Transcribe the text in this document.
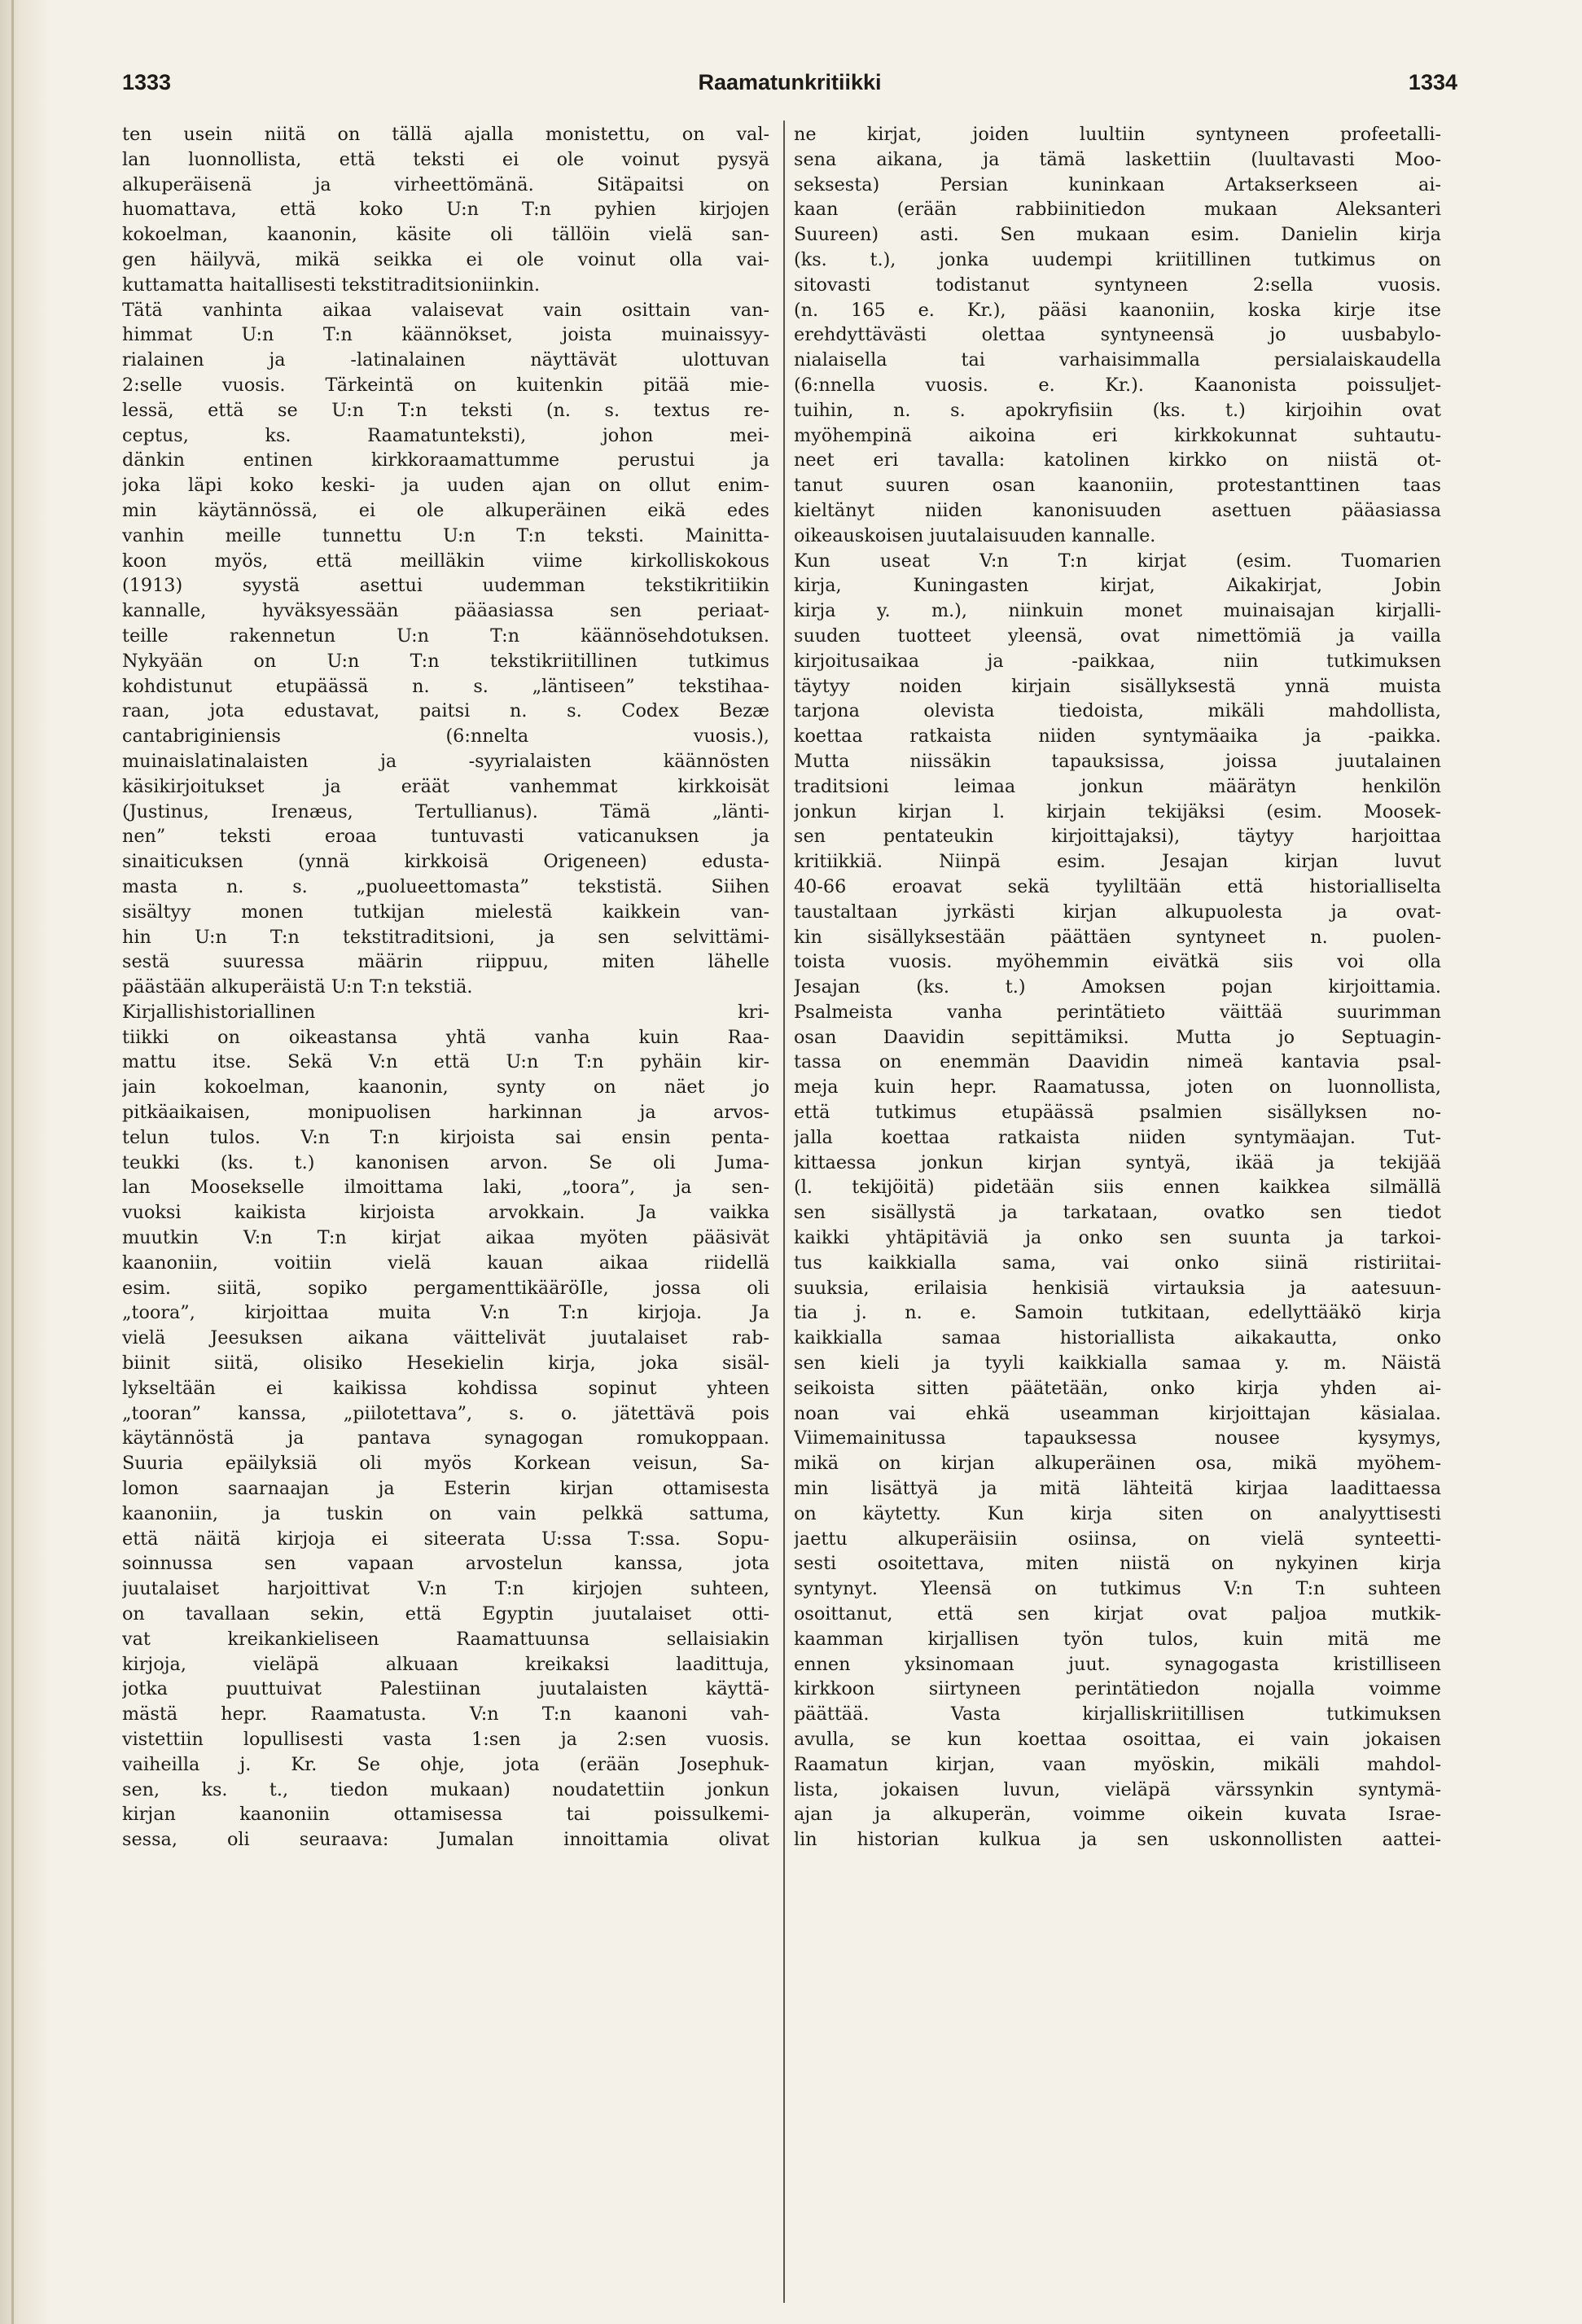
1333	Raamatunkritiikki	1334
ten usein niitä on tällä ajalla monistettu, on val-
lan luonnollista, että teksti ei ole voinut pysyä
alkuperäisenä ja virheettömänä. Sitäpaitsi on
huomattava, että koko U:n T:n pyhien kirjojen
kokoelman, kaanonin, käsite oli tällöin vielä san-
gen häilyvä, mikä seikka ei ole voinut olla vai-
kuttamatta haitallisesti tekstitraditsioniinkin.
Tätä vanhinta aikaa valaisevat vain osittain van-
himmat U:n T:n käännökset, joista muinaissyy-
rialainen ja -latinalainen näyttävät ulottuvan
2:selle vuosis. Tärkeintä on kuitenkin pitää mie-
lessä, että se U:n T:n teksti (n. s. textus re-
ceptus, ks. Raamatunteksti), johon mei-
dänkin entinen kirkkoraamattumme perustui ja
joka läpi koko keski- ja uuden ajan on ollut enim-
min käytännössä, ei ole alkuperäinen eikä edes
vanhin meille tunnettu U:n T:n teksti. Mainitta-
koon myös, että meilläkin viime kirkolliskokous
(1913) syystä asettui uudemman tekstikritiikin
kannalle, hyväksyessään pääasiassa sen periaat-
teille rakennetun U:n T:n käännösehdotuksen.
Nykyään on U:n T:n tekstikriitillinen tutkimus
kohdistunut etupäässä n. s. „läntiseen” tekstihaa-
raan, jota edustavat, paitsi n. s. Codex Bezæ
cantabriginiensis (6:nnelta vuosis.),
muinaislatinalaisten ja -syyrialaisten käännösten
käsikirjoitukset ja eräät vanhemmat kirkkoisät
(Justinus, Irenæus, Tertullianus). Tämä „länti-
nen” teksti eroaa tuntuvasti vaticanuksen ja
sinaiticuksen (ynnä kirkkoisä Origeneen) edusta-
masta n. s. „puolueettomasta” tekstistä. Siihen
sisältyy monen tutkijan mielestä kaikkein van-
hin U:n T:n tekstitraditsioni, ja sen selvittämi-
sestä suuressa määrin riippuu, miten lähelle
päästään alkuperäistä U:n T:n tekstiä.
Kirjallishistoriallinen kri-
tiikki on oikeastansa yhtä vanha kuin Raa-
mattu itse. Sekä V:n että U:n T:n pyhäin kir-
jain kokoelman, kaanonin, synty on näet jo
pitkäaikaisen, monipuolisen harkinnan ja arvos-
telun tulos. V:n T:n kirjoista sai ensin penta-
teukki (ks. t.) kanonisen arvon. Se oli Juma-
lan Moosekselle ilmoittama laki, „toora”, ja sen-
vuoksi kaikista kirjoista arvokkain. Ja vaikka
muutkin V:n T:n kirjat aikaa myöten pääsivät
kaanoniin, voitiin vielä kauan aikaa riidellä
esim. siitä, sopiko pergamenttikääröIle, jossa oli
„toora”, kirjoittaa muita V:n T:n kirjoja. Ja
vielä Jeesuksen aikana väittelivät juutalaiset rab-
biinit siitä, olisiko Hesekielin kirja, joka sisäl-
lykseltään ei kaikissa kohdissa sopinut yhteen
„tooran” kanssa, „piilotettava”, s. o. jätettävä pois
käytännöstä ja pantava synagogan romukoppaan.
Suuria epäilyksiä oli myös Korkean veisun, Sa-
lomon saarnaajan ja Esterin kirjan ottamisesta
kaanoniin, ja tuskin on vain pelkkä sattuma,
että näitä kirjoja ei siteerata U:ssa T:ssa. Sopu-
soinnussa sen vapaan arvostelun kanssa, jota
juutalaiset harjoittivat V:n T:n kirjojen suhteen,
on tavallaan sekin, että Egyptin juutalaiset otti-
vat kreikankieliseen Raamattuunsa sellaisiakin
kirjoja, vieläpä alkuaan kreikaksi laadittuja,
jotka puuttuivat Palestiinan juutalaisten käyttä-
mästä hepr. Raamatusta. V:n T:n kaanoni vah-
vistettiin lopullisesti vasta 1:sen ja 2:sen vuosis.
vaiheilla j. Kr. Se ohje, jota (erään Josephuk-
sen, ks. t., tiedon mukaan) noudatettiin jonkun
kirjan kaanoniin ottamisessa tai poissulkemi-
sessa, oli seuraava: Jumalan innoittamia olivat
ne kirjat, joiden luultiin syntyneen profeetalli-
sena aikana, ja tämä laskettiin (luultavasti Moo-
seksesta) Persian kuninkaan Artakserkseen ai-
kaan (erään rabbiinitiedon mukaan Aleksanteri
Suureen) asti. Sen mukaan esim. Danielin kirja
(ks. t.), jonka uudempi kriitillinen tutkimus on
sitovasti todistanut syntyneen 2:sella vuosis.
(n. 165 e. Kr.), pääsi kaanoniin, koska kirje itse
erehdyttävästi olettaa syntyneensä jo uusbabylo-
nialaisella tai varhaisimmalla persialaiskaudella
(6:nnella vuosis. e. Kr.). Kaanonista poissuljet-
tuihin, n. s. apokryfisiin (ks. t.) kirjoihin ovat
myöhempinä aikoina eri kirkkokunnat suhtautu-
neet eri tavalla: katolinen kirkko on niistä ot-
tanut suuren osan kaanoniin, protestanttinen taas
kieltänyt niiden kanonisuuden asettuen pääasiassa
oikeauskoisen juutalaisuuden kannalle.
Kun useat V:n T:n kirjat (esim. Tuomarien
kirja, Kuningasten kirjat, Aikakirjat, Jobin
kirja y. m.), niinkuin monet muinaisajan kirjalli-
suuden tuotteet yleensä, ovat nimettömiä ja vailla
kirjoitusaikaa ja -paikkaa, niin tutkimuksen
täytyy noiden kirjain sisällyksestä ynnä muista
tarjona olevista tiedoista, mikäli mahdollista,
koettaa ratkaista niiden syntymäaika ja -paikka.
Mutta niissäkin tapauksissa, joissa juutalainen
traditsioni leimaa jonkun määrätyn henkilön
jonkun kirjan l. kirjain tekijäksi (esim. Moosek-
sen pentateukin kirjoittajaksi), täytyy harjoittaa
kritiikkiä. Niinpä esim. Jesajan kirjan luvut
40-66 eroavat sekä tyyliltään että historialliselta
taustaltaan jyrkästi kirjan alkupuolesta ja ovat-
kin sisällyksestään päättäen syntyneet n. puolen-
toista vuosis. myöhemmin eivätkä siis voi olla
Jesajan (ks. t.) Amoksen pojan kirjoittamia.
Psalmeista vanha perintätieto väittää suurimman
osan Daavidin sepittämiksi. Mutta jo Septuagin-
tassa on enemmän Daavidin nimeä kantavia psal-
meja kuin hepr. Raamatussa, joten on luonnollista,
että tutkimus etupäässä psalmien sisällyksen no-
jalla koettaa ratkaista niiden syntymäajan. Tut-
kittaessa jonkun kirjan syntyä, ikää ja tekijää
(l. tekijöitä) pidetään siis ennen kaikkea silmällä
sen sisällystä ja tarkataan, ovatko sen tiedot
kaikki yhtäpitäviä ja onko sen suunta ja tarkoi-
tus kaikkialla sama, vai onko siinä ristiriitai-
suuksia, erilaisia henkisiä virtauksia ja aatesuun-
tia j. n. e. Samoin tutkitaan, edellyttääkö kirja
kaikkialla samaa historiallista aikakautta, onko
sen kieli ja tyyli kaikkialla samaa y. m. Näistä
seikoista sitten päätetään, onko kirja yhden ai-
noan vai ehkä useamman kirjoittajan käsialaa.
Viimemainitussa tapauksessa nousee kysymys,
mikä on kirjan alkuperäinen osa, mikä myöhem-
min lisättyä ja mitä lähteitä kirjaa laadittaessa
on käytetty. Kun kirja siten on analyyttisesti
jaettu alkuperäisiin osiinsa, on vielä synteetti-
sesti osoitettava, miten niistä on nykyinen kirja
syntynyt. Yleensä on tutkimus V:n T:n suhteen
osoittanut, että sen kirjat ovat paljoa mutkik-
kaamman kirjallisen työn tulos, kuin mitä me
ennen yksinomaan juut. synagogasta kristilliseen
kirkkoon siirtyneen perintätiedon nojalla voimme
päättää. Vasta kirjalliskriitillisen tutkimuksen
avulla, se kun koettaa osoittaa, ei vain jokaisen
Raamatun kirjan, vaan myöskin, mikäli mahdol-
lista, jokaisen luvun, vieläpä värssynkin syntymä-
ajan ja alkuperän, voimme oikein kuvata Israe-
lin historian kulkua ja sen uskonnollisten aattei-
